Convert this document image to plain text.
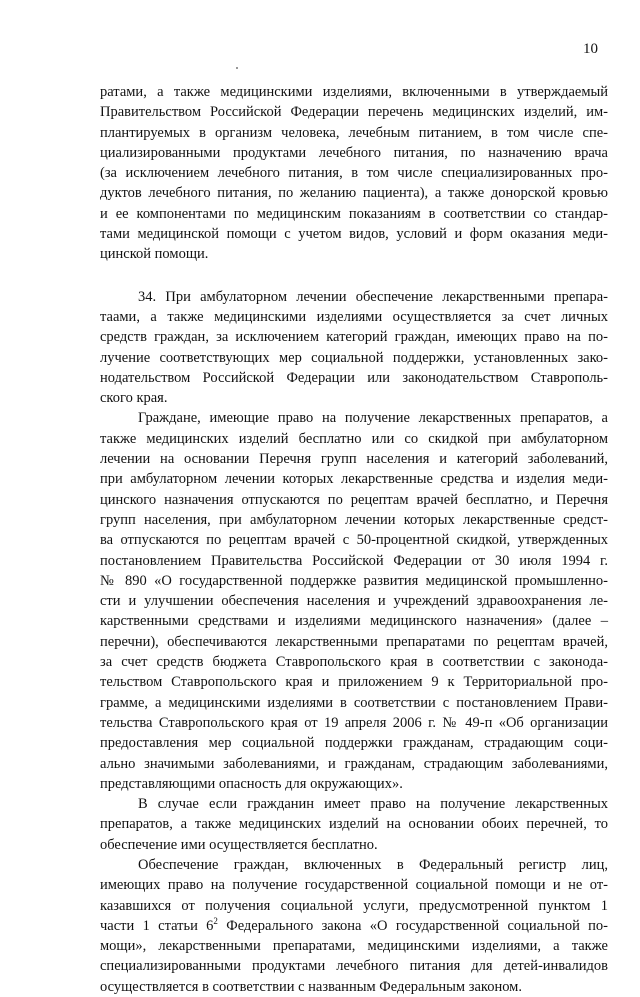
10
ратами, а также медицинскими изделиями, включенными в утверждаемый
Правительством Российской Федерации перечень медицинских изделий, им-
плантируемых в организм человека, лечебным питанием, в том числе спе-
циализированными продуктами лечебного питания, по назначению врача
(за исключением лечебного питания, в том числе специализированных про-
дуктов лечебного питания, по желанию пациента), а также донорской кровью
и ее компонентами по медицинским показаниям в соответствии со стандар-
тами медицинской помощи с учетом видов, условий и форм оказания меди-
цинской помощи.
34. При амбулаторном лечении обеспечение лекарственными препара-
таами, а также медицинскими изделиями осуществляется за счет личных
средств граждан, за исключением категорий граждан, имеющих право на по-
лучение соответствующих мер социальной поддержки, установленных зако-
нодательством Российской Федерации или законодательством Ставрополь-
ского края.
Граждане, имеющие право на получение лекарственных препаратов, а
также медицинских изделий бесплатно или со скидкой при амбулаторном
лечении на основании Перечня групп населения и категорий заболеваний,
при амбулаторном лечении которых лекарственные средства и изделия меди-
цинского назначения отпускаются по рецептам врачей бесплатно, и Перечня
групп населения, при амбулаторном лечении которых лекарственные средст-
ва отпускаются по рецептам врачей с 50-процентной скидкой, утвержденных
постановлением Правительства Российской Федерации от 30 июля 1994 г.
№ 890 «О государственной поддержке развития медицинской промышленно-
сти и улучшении обеспечения населения и учреждений здравоохранения ле-
карственными средствами и изделиями медицинского назначения» (далее –
перечни), обеспечиваются лекарственными препаратами по рецептам врачей,
за счет средств бюджета Ставропольского края в соответствии с законода-
тельством Ставропольского края и приложением 9 к Территориальной про-
грамме, а медицинскими изделиями в соответствии с постановлением Прави-
тельства Ставропольского края от 19 апреля 2006 г. № 49-п «Об организации
предоставления мер социальной поддержки гражданам, страдающим соци-
ально значимыми заболеваниями, и гражданам, страдающим заболеваниями,
представляющими опасность для окружающих».
В случае если гражданин имеет право на получение лекарственных
препаратов, а также медицинских изделий на основании обоих перечней, то
обеспечение ими осуществляется бесплатно.
Обеспечение граждан, включенных в Федеральный регистр лиц,
имеющих право на получение государственной социальной помощи и не от-
казавшихся от получения социальной услуги, предусмотренной пунктом 1
части 1 статьи $6^2$ Федерального закона «О государственной социальной по-
мощи», лекарственными препаратами, медицинскими изделиями, а также
специализированными продуктами лечебного питания для детей-инвалидов
осуществляется в соответствии с названным Федеральным законом.
